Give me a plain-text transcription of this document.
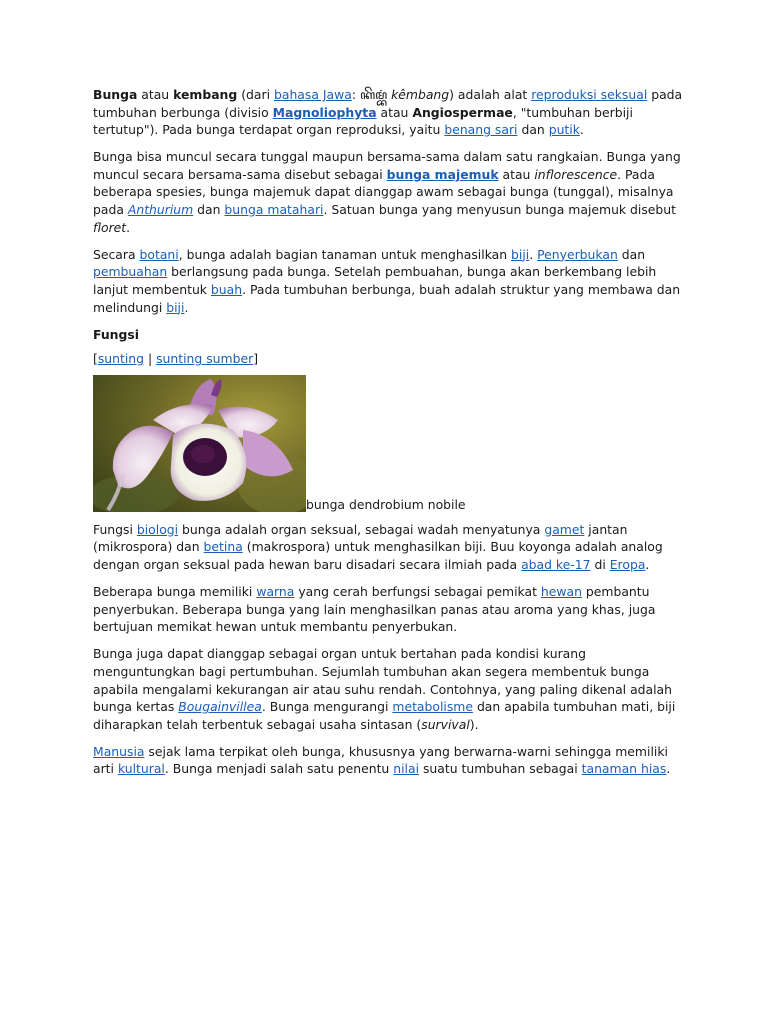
Bunga atau kembang (dari bahasa Jawa: ꦏꦼꦩ꧀ꦧꦁ kêmbang) adalah alat reproduksi seksual pada tumbuhan berbunga (divisio Magnoliophyta atau Angiospermae, "tumbuhan berbiji tertutup"). Pada bunga terdapat organ reproduksi, yaitu benang sari dan putik.

Bunga bisa muncul secara tunggal maupun bersama-sama dalam satu rangkaian. Bunga yang muncul secara bersama-sama disebut sebagai bunga majemuk atau inflorescence. Pada beberapa spesies, bunga majemuk dapat dianggap awam sebagai bunga (tunggal), misalnya pada Anthurium dan bunga matahari. Satuan bunga yang menyusun bunga majemuk disebut floret.

Secara botani, bunga adalah bagian tanaman untuk menghasilkan biji. Penyerbukan dan pembuahan berlangsung pada bunga. Setelah pembuahan, bunga akan berkembang lebih lanjut membentuk buah. Pada tumbuhan berbunga, buah adalah struktur yang membawa dan melindungi biji.

Fungsi

[sunting | sunting sumber]

bunga dendrobium nobile

Fungsi biologi bunga adalah organ seksual, sebagai wadah menyatunya gamet jantan (mikrospora) dan betina (makrospora) untuk menghasilkan biji. Buu koyonga adalah analog dengan organ seksual pada hewan baru disadari secara ilmiah pada abad ke-17 di Eropa.

Beberapa bunga memiliki warna yang cerah berfungsi sebagai pemikat hewan pembantu penyerbukan. Beberapa bunga yang lain menghasilkan panas atau aroma yang khas, juga bertujuan memikat hewan untuk membantu penyerbukan.

Bunga juga dapat dianggap sebagai organ untuk bertahan pada kondisi kurang menguntungkan bagi pertumbuhan. Sejumlah tumbuhan akan segera membentuk bunga apabila mengalami kekurangan air atau suhu rendah. Contohnya, yang paling dikenal adalah bunga kertas Bougainvillea. Bunga mengurangi metabolisme dan apabila tumbuhan mati, biji diharapkan telah terbentuk sebagai usaha sintasan (survival).

Manusia sejak lama terpikat oleh bunga, khususnya yang berwarna-warni sehingga memiliki arti kultural. Bunga menjadi salah satu penentu nilai suatu tumbuhan sebagai tanaman hias.
